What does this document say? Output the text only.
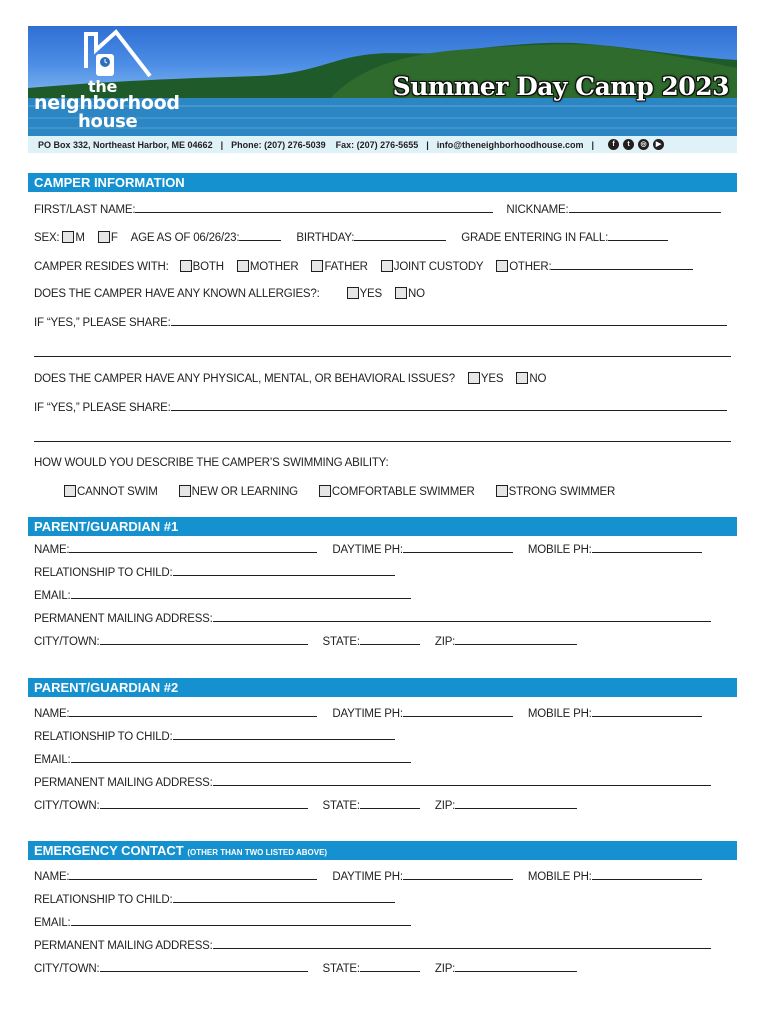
the
neighborhood
house
Summer Day Camp 2023
PO Box 332, Northeast Harbor, ME 04662 | Phone: (207) 276-5039 Fax: (207) 276-5655 | info@theneighborhoodhouse.com |	f	t	◎	▶
CAMPER INFORMATION
FIRST/LAST NAME:	NICKNAME:
SEX: M F AGE AS OF 06/26/23:	BIRTHDAY:	GRADE ENTERING IN FALL:
CAMPER RESIDES WITH: BOTH MOTHER FATHER JOINT CUSTODY OTHER:
DOES THE CAMPER HAVE ANY KNOWN ALLERGIES?:	YES NO
IF “YES,” PLEASE SHARE:
DOES THE CAMPER HAVE ANY PHYSICAL, MENTAL, OR BEHAVIORAL ISSUES? YES NO
IF “YES,” PLEASE SHARE:
HOW WOULD YOU DESCRIBE THE CAMPER’S SWIMMING ABILITY:
CANNOT SWIM	NEW OR LEARNING	COMFORTABLE SWIMMER	STRONG SWIMMER
PARENT/GUARDIAN #1
NAME:	DAYTIME PH:	MOBILE PH:
RELATIONSHIP TO CHILD:
EMAIL:
PERMANENT MAILING ADDRESS:
CITY/TOWN:	STATE:	ZIP:
PARENT/GUARDIAN #2
NAME:	DAYTIME PH:	MOBILE PH:
RELATIONSHIP TO CHILD:
EMAIL:
PERMANENT MAILING ADDRESS:
CITY/TOWN:	STATE:	ZIP:
EMERGENCY CONTACT (OTHER THAN TWO LISTED ABOVE)
NAME:	DAYTIME PH:	MOBILE PH:
RELATIONSHIP TO CHILD:
EMAIL:
PERMANENT MAILING ADDRESS:
CITY/TOWN:	STATE:	ZIP:
